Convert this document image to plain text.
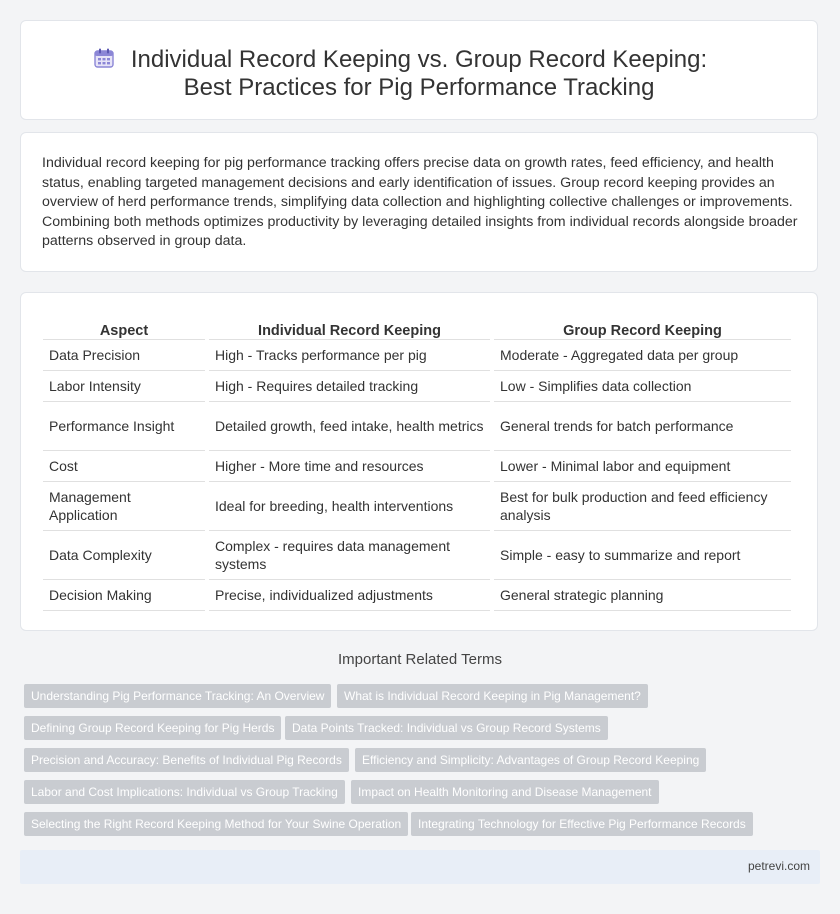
Individual Record Keeping vs. Group Record Keeping: Best Practices for Pig Performance Tracking
Individual record keeping for pig performance tracking offers precise data on growth rates, feed efficiency, and health status, enabling targeted management decisions and early identification of issues. Group record keeping provides an overview of herd performance trends, simplifying data collection and highlighting collective challenges or improvements. Combining both methods optimizes productivity by leveraging detailed insights from individual records alongside broader patterns observed in group data.
Aspect	Individual Record Keeping	Group Record Keeping
Data Precision	High - Tracks performance per pig	Moderate - Aggregated data per group
Labor Intensity	High - Requires detailed tracking	Low - Simplifies data collection
Performance Insight	Detailed growth, feed intake, health metrics	General trends for batch performance
Cost	Higher - More time and resources	Lower - Minimal labor and equipment
Management Application	Ideal for breeding, health interventions	Best for bulk production and feed efficiency analysis
Data Complexity	Complex - requires data management systems	Simple - easy to summarize and report
Decision Making	Precise, individualized adjustments	General strategic planning
Important Related Terms
Understanding Pig Performance Tracking: An Overview	What is Individual Record Keeping in Pig Management?
Defining Group Record Keeping for Pig Herds	Data Points Tracked: Individual vs Group Record Systems
Precision and Accuracy: Benefits of Individual Pig Records	Efficiency and Simplicity: Advantages of Group Record Keeping
Labor and Cost Implications: Individual vs Group Tracking	Impact on Health Monitoring and Disease Management
Selecting the Right Record Keeping Method for Your Swine Operation	Integrating Technology for Effective Pig Performance Records
petrevi.com
